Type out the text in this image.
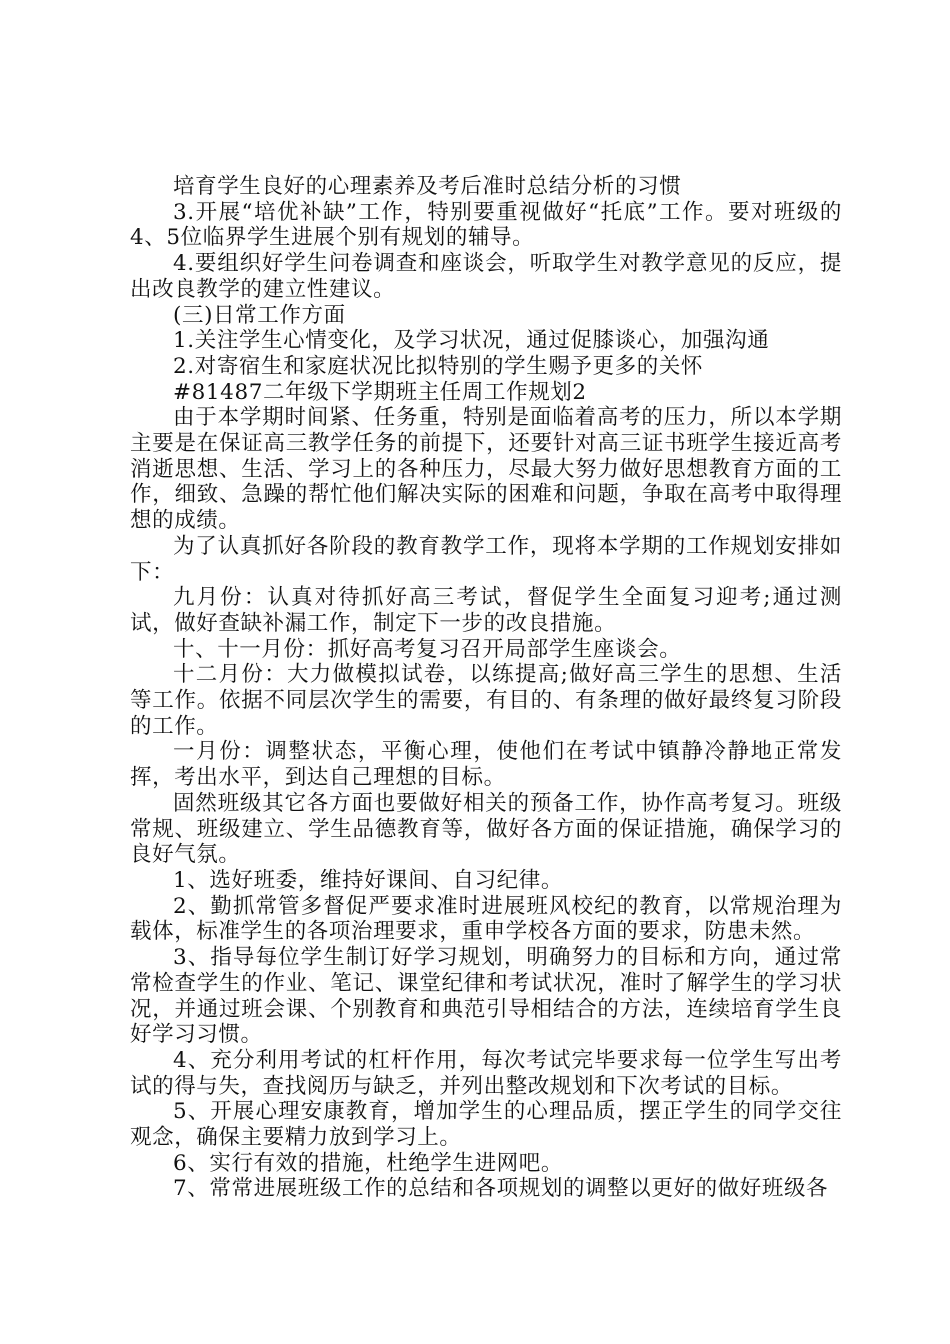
培育学生良好的心理素养及考后准时总结分析的习惯

3.开展“培优补缺”工作，特别要重视做好“托底”工作。要对班级的4、5位临界学生进展个别有规划的辅导。

4.要组织好学生问卷调查和座谈会，听取学生对教学意见的反应，提出改良教学的建立性建议。

(三)日常工作方面

1.关注学生心情变化，及学习状况，通过促膝谈心，加强沟通

2.对寄宿生和家庭状况比拟特别的学生赐予更多的关怀

#81487二年级下学期班主任周工作规划2

由于本学期时间紧、任务重，特别是面临着高考的压力，所以本学期主要是在保证高三教学任务的前提下，还要针对高三证书班学生接近高考消逝思想、生活、学习上的各种压力，尽最大努力做好思想教育方面的工作，细致、急躁的帮忙他们解决实际的困难和问题，争取在高考中取得理想的成绩。

为了认真抓好各阶段的教育教学工作，现将本学期的工作规划安排如下：

九月份：认真对待抓好高三考试，督促学生全面复习迎考;通过测试，做好查缺补漏工作，制定下一步的改良措施。

十、十一月份：抓好高考复习召开局部学生座谈会。

十二月份：大力做模拟试卷，以练提高;做好高三学生的思想、生活等工作。依据不同层次学生的需要，有目的、有条理的做好最终复习阶段的工作。

一月份：调整状态，平衡心理，使他们在考试中镇静冷静地正常发挥，考出水平，到达自己理想的目标。

固然班级其它各方面也要做好相关的预备工作，协作高考复习。班级常规、班级建立、学生品德教育等，做好各方面的保证措施，确保学习的良好气氛。

1、选好班委，维持好课间、自习纪律。

2、勤抓常管多督促严要求准时进展班风校纪的教育，以常规治理为载体，标准学生的各项治理要求，重申学校各方面的要求，防患未然。

3、指导每位学生制订好学习规划，明确努力的目标和方向，通过常常检查学生的作业、笔记、课堂纪律和考试状况，准时了解学生的学习状况，并通过班会课、个别教育和典范引导相结合的方法，连续培育学生良好学习习惯。

4、充分利用考试的杠杆作用，每次考试完毕要求每一位学生写出考试的得与失，查找阅历与缺乏，并列出整改规划和下次考试的目标。

5、开展心理安康教育，增加学生的心理品质，摆正学生的同学交往观念，确保主要精力放到学习上。

6、实行有效的措施，杜绝学生进网吧。

7、常常进展班级工作的总结和各项规划的调整以更好的做好班级各
